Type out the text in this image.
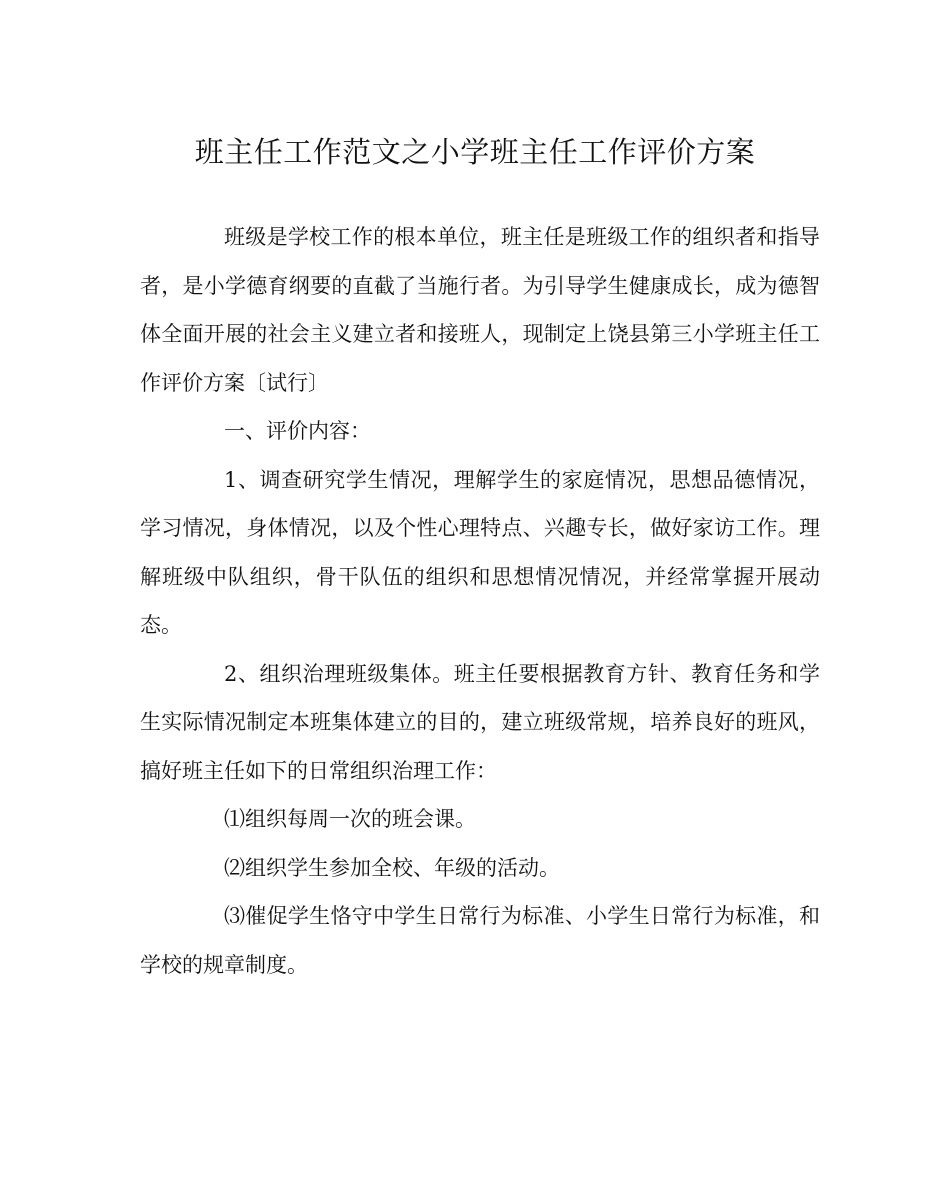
班主任工作范文之小学班主任工作评价方案

班级是学校工作的根本单位，班主任是班级工作的组织者和指导者，是小学德育纲要的直截了当施行者。为引导学生健康成长，成为德智体全面开展的社会主义建立者和接班人，现制定上饶县第三小学班主任工作评价方案〔试行〕

一、评价内容：

1、调查研究学生情况，理解学生的家庭情况，思想品德情况，学习情况，身体情况，以及个性心理特点、兴趣专长，做好家访工作。理解班级中队组织，骨干队伍的组织和思想情况情况，并经常掌握开展动态。

2、组织治理班级集体。班主任要根据教育方针、教育任务和学生实际情况制定本班集体建立的目的，建立班级常规，培养良好的班风，搞好班主任如下的日常组织治理工作：

⑴组织每周一次的班会课。

⑵组织学生参加全校、年级的活动。

⑶催促学生恪守中学生日常行为标准、小学生日常行为标准，和学校的规章制度。
